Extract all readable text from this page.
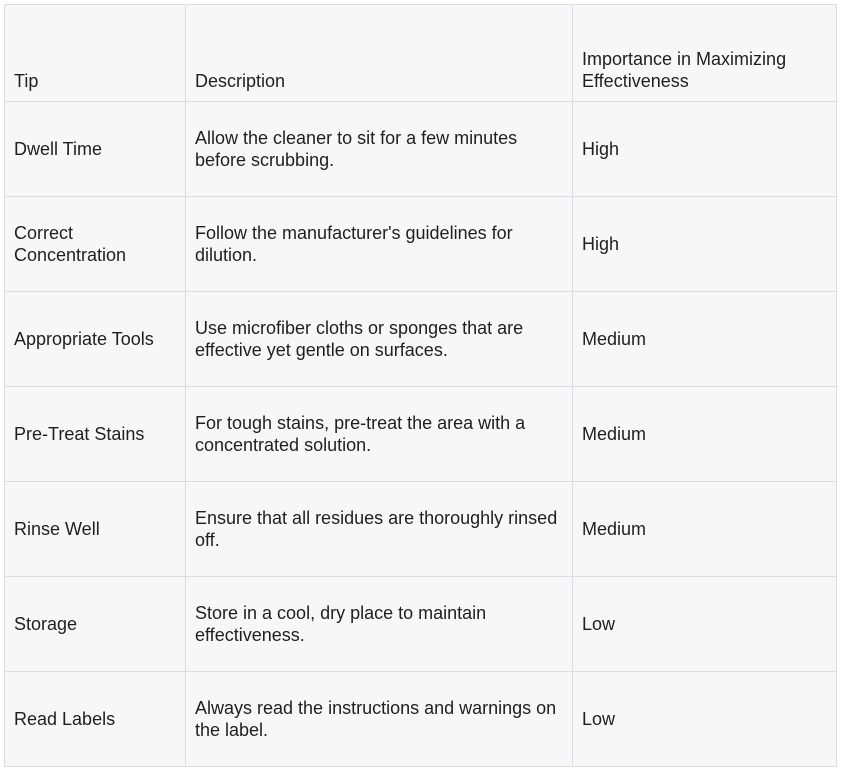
Tip	Description	Importance in Maximizing Effectiveness
Dwell Time	Allow the cleaner to sit for a few minutes before scrubbing.	High
Correct Concentration	Follow the manufacturer's guidelines for dilution.	High
Appropriate Tools	Use microfiber cloths or sponges that are effective yet gentle on surfaces.	Medium
Pre-Treat Stains	For tough stains, pre-treat the area with a concentrated solution.	Medium
Rinse Well	Ensure that all residues are thoroughly rinsed off.	Medium
Storage	Store in a cool, dry place to maintain effectiveness.	Low
Read Labels	Always read the instructions and warnings on the label.	Low
